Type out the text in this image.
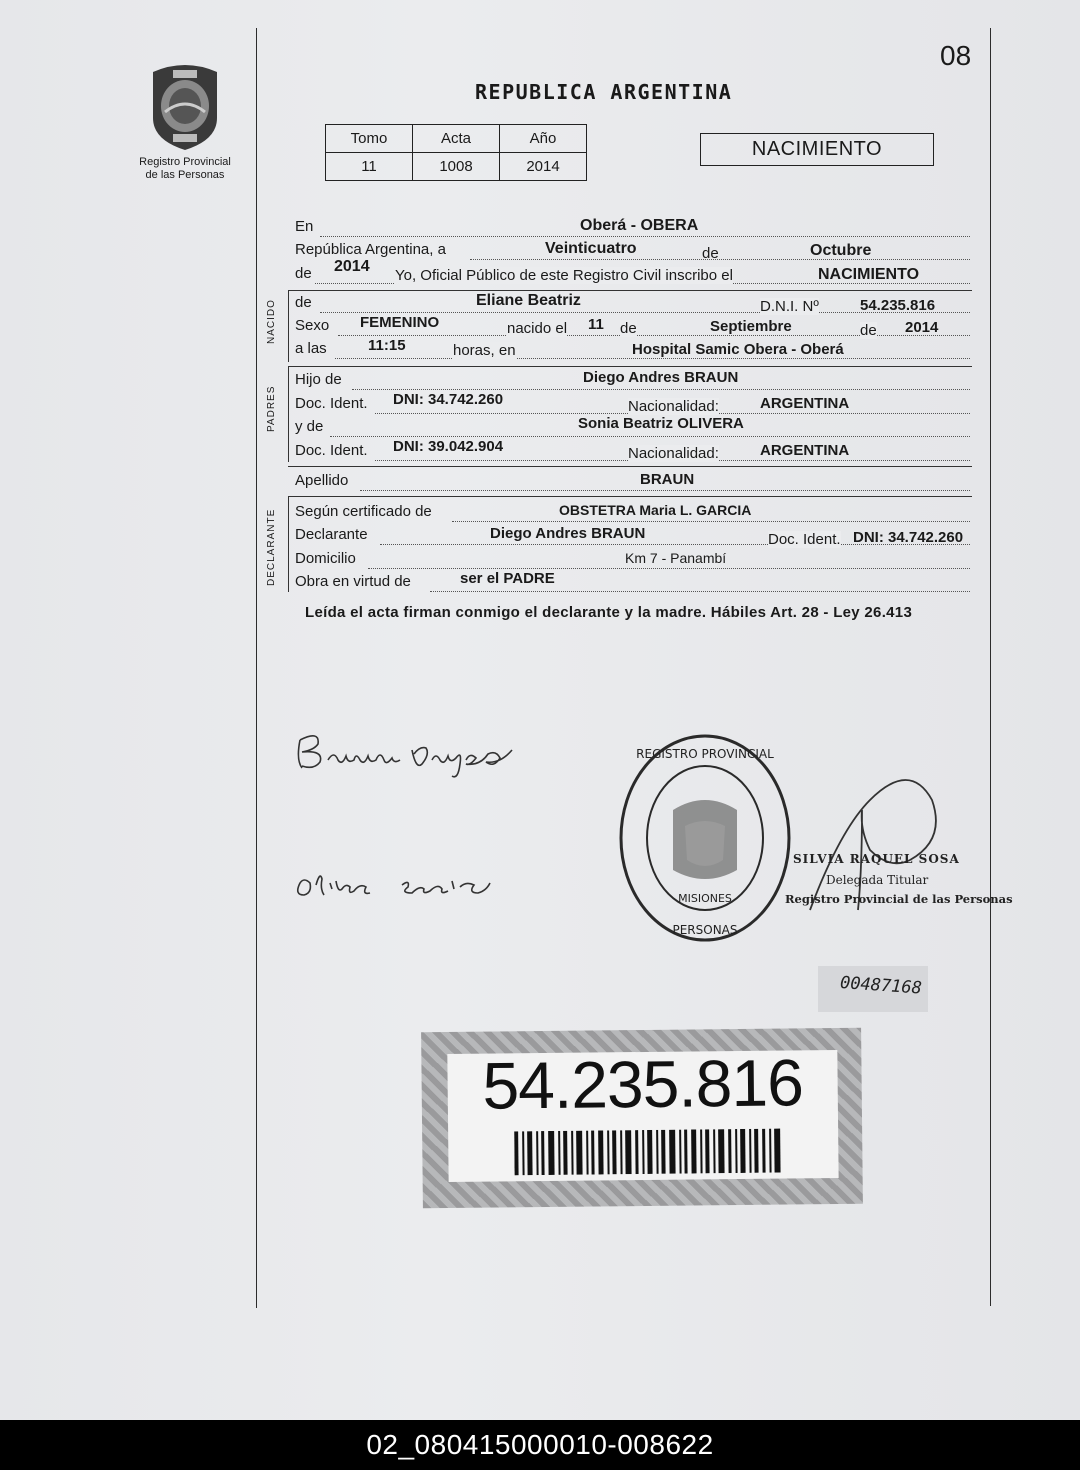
08
Registro Provincial
de las Personas
REPUBLICA ARGENTINA
Tomo	Acta	Año
11	1008	2014
NACIMIENTO
En	Oberá - OBERA
República Argentina, a	Veinticuatro	de	Octubre
de 2014
Yo, Oficial Público de este Registro Civil inscribo el	NACIMIENTO
NACIDO de	Eliane Beatriz	D.N.I. Nº	54.235.816
Sexo FEMENINO	nacido el 11 de	Septiembre	de 2014
a las	11:15	horas, en	Hospital Samic Obera - Oberá
PADRES
Hijo de	Diego Andres BRAUN
Doc. Ident. DNI: 34.742.260	Nacionalidad:	ARGENTINA
y de	Sonia Beatriz OLIVERA
Doc. Ident. DNI: 39.042.904	Nacionalidad:	ARGENTINA
Apellido	BRAUN
DECLARANTE Según certificado de	OBSTETRA Maria L. GARCIA
Declarante	Diego Andres BRAUN	Doc. Ident. DNI: 34.742.260
Domicilio	Km 7 - Panambí
Obra en virtud de	ser el PADRE
Leída el acta firman conmigo el declarante y la madre. Hábiles Art. 28 - Ley 26.413
REGISTRO PROVINCIAL
PERSONAS
MISIONES
SILVIA RAQUEL SOSA
Delegada Titular
Registro Provincial de las Personas
00487168
54.235.816
02_080415000010-008622
